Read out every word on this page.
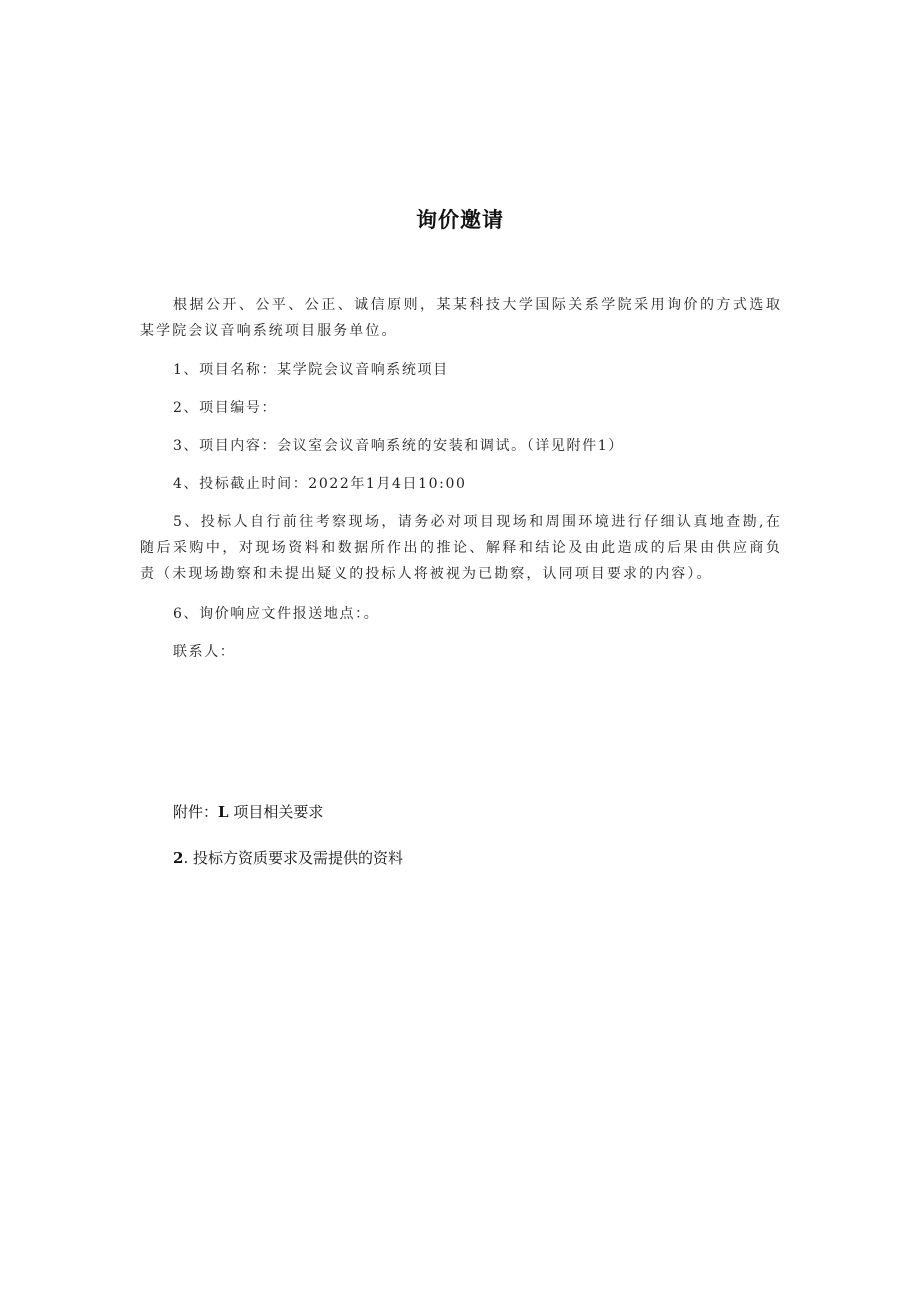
询价邀请

根据公开、公平、公正、诚信原则，某某科技大学国际关系学院采用询价的方式选取某学院会议音响系统项目服务单位。

1、项目名称：某学院会议音响系统项目
2、项目编号：
3、项目内容：会议室会议音响系统的安装和调试。（详见附件1）
4、投标截止时间：2022年1月4日10:00

5、投标人自行前往考察现场，请务必对项目现场和周围环境进行仔细认真地查勘,在随后采购中，对现场资料和数据所作出的推论、解释和结论及由此造成的后果由供应商负责（未现场勘察和未提出疑义的投标人将被视为已勘察，认同项目要求的内容）。

6、询价响应文件报送地点：。
联系人：
附件：L 项目相关要求
2. 投标方资质要求及需提供的资料
